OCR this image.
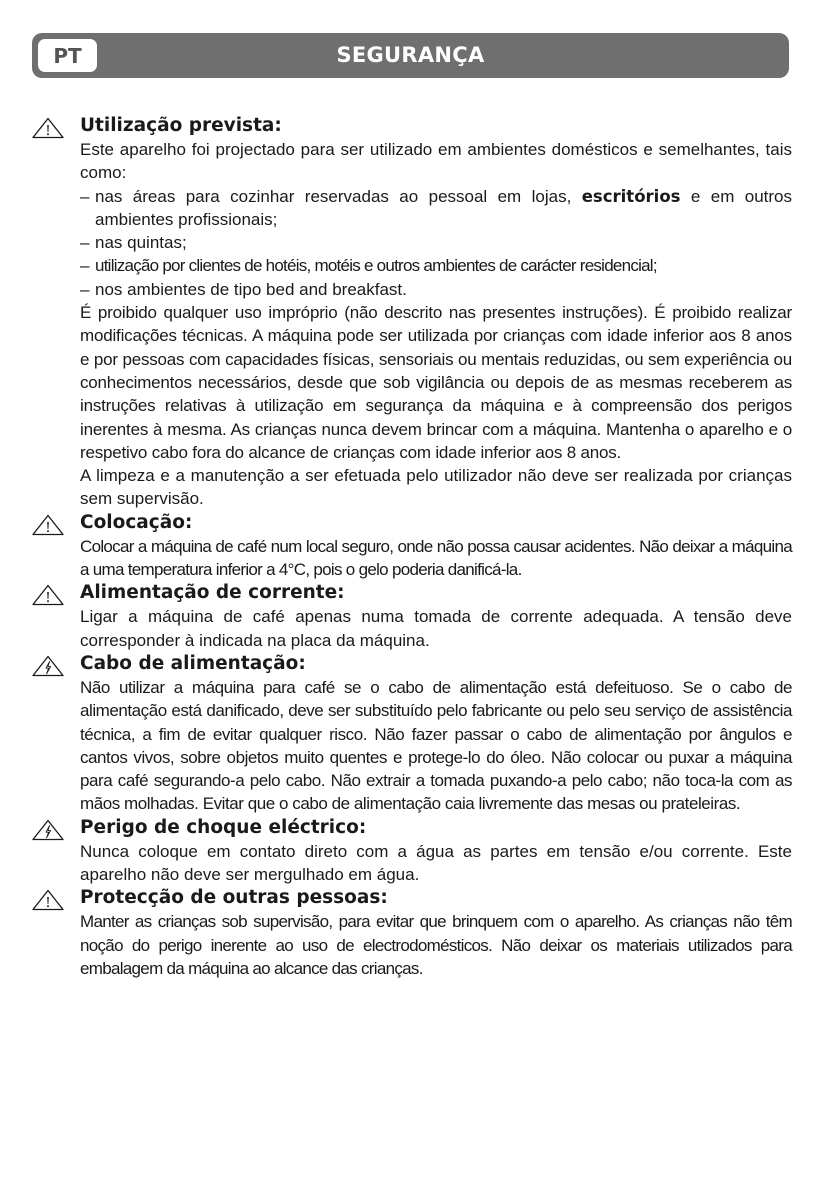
PT	SEGURANÇA

Utilização prevista:

Este aparelho foi projectado para ser utilizado em ambientes domésticos e semelhantes, tais como:

– nas áreas para cozinhar reservadas ao pessoal em lojas, escritórios e em outros ambientes profissionais;
– nas quintas;
– utilização por clientes de hotéis, motéis e outros ambientes de carácter residencial;
– nos ambientes de tipo bed and breakfast.

É proibido qualquer uso impróprio (não descrito nas presentes instruções). É proibido realizar modificações técnicas. A máquina pode ser utilizada por crianças com idade inferior aos 8 anos e por pessoas com capacidades físicas, sensoriais ou mentais reduzidas, ou sem experiência ou conhecimentos necessários, desde que sob vigilância ou depois de as mesmas receberem as instruções relativas à utilização em segurança da máquina e à compreensão dos perigos inerentes à mesma. As crianças nunca devem brincar com a máquina. Mantenha o aparelho e o respetivo cabo fora do alcance de crianças com idade inferior aos 8 anos.

A limpeza e a manutenção a ser efetuada pelo utilizador não deve ser realizada por crianças sem supervisão.

Colocação:

Colocar a máquina de café num local seguro, onde não possa causar acidentes. Não deixar a máquina a uma temperatura inferior a 4°C, pois o gelo poderia danificá-la.

Alimentação de corrente:

Ligar a máquina de café apenas numa tomada de corrente adequada. A tensão deve corresponder à indicada na placa da máquina.

Cabo de alimentação:

Não utilizar a máquina para café se o cabo de alimentação está defeituoso. Se o cabo de alimentação está danificado, deve ser substituído pelo fabricante ou pelo seu serviço de assistência técnica, a fim de evitar qualquer risco. Não fazer passar o cabo de alimentação por ângulos e cantos vivos, sobre objetos muito quentes e protege-lo do óleo. Não colocar ou puxar a máquina para café segurando-a pelo cabo. Não extrair a tomada puxando-a pelo cabo; não toca-la com as mãos molhadas. Evitar que o cabo de alimentação caia livremente das mesas ou prateleiras.

Perigo de choque eléctrico:

Nunca coloque em contato direto com a água as partes em tensão e/ou corrente. Este aparelho não deve ser mergulhado em água.

Protecção de outras pessoas:

Manter as crianças sob supervisão, para evitar que brinquem com o aparelho. As crianças não têm noção do perigo inerente ao uso de electrodomésticos. Não deixar os materiais utilizados para embalagem da máquina ao alcance das crianças.
